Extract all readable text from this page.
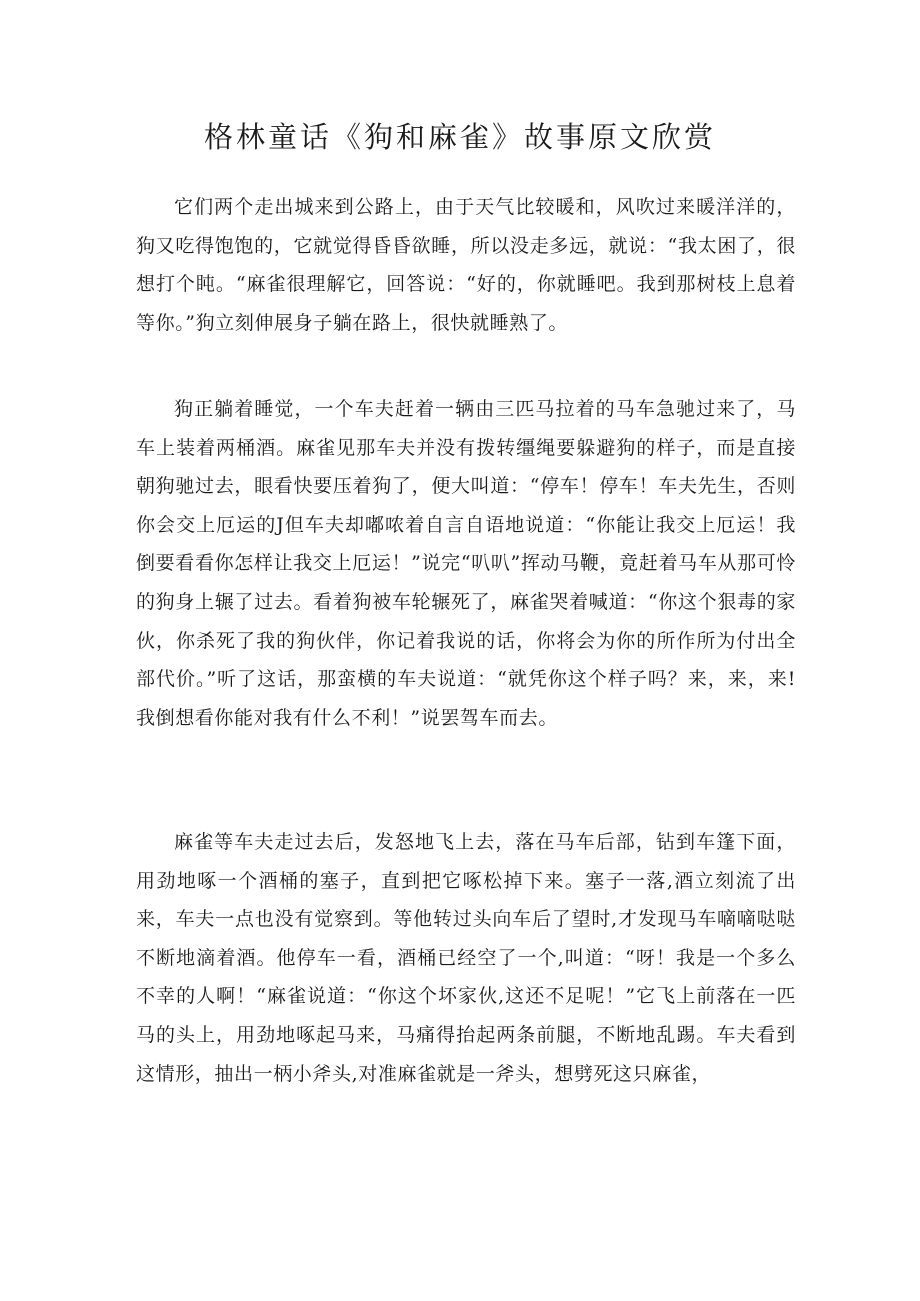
格林童话《狗和麻雀》故事原文欣赏

它们两个走出城来到公路上，由于天气比较暖和，风吹过来暖洋洋的，狗又吃得饱饱的，它就觉得昏昏欲睡，所以没走多远，就说：“我太困了，很想打个盹。“麻雀很理解它，回答说：“好的，你就睡吧。我到那树枝上息着等你。”狗立刻伸展身子躺在路上，很快就睡熟了。

狗正躺着睡觉，一个车夫赶着一辆由三匹马拉着的马车急驰过来了，马车上装着两桶酒。麻雀见那车夫并没有拨转缰绳要躲避狗的样子，而是直接朝狗驰过去，眼看快要压着狗了，便大叫道：“停车！停车！车夫先生，否则你会交上厄运的J但车夫却嘟哝着自言自语地说道：“你能让我交上厄运！我倒要看看你怎样让我交上厄运！”说完“叭叭”挥动马鞭，竟赶着马车从那可怜的狗身上辗了过去。看着狗被车轮辗死了，麻雀哭着喊道：“你这个狠毒的家伙，你杀死了我的狗伙伴，你记着我说的话，你将会为你的所作所为付出全部代价。”听了这话，那蛮横的车夫说道：“就凭你这个样子吗？来，来，来!我倒想看你能对我有什么不利！”说罢驾车而去。

麻雀等车夫走过去后，发怒地飞上去，落在马车后部，钻到车篷下面，用劲地啄一个酒桶的塞子，直到把它啄松掉下来。塞子一落,酒立刻流了出来，车夫一点也没有觉察到。等他转过头向车后了望时,才发现马车嘀嘀哒哒不断地滴着酒。他停车一看，酒桶已经空了一个,叫道：“呀！我是一个多么不幸的人啊！“麻雀说道：“你这个坏家伙,这还不足呢！”它飞上前落在一匹马的头上，用劲地啄起马来，马痛得抬起两条前腿，不断地乱踢。车夫看到这情形，抽出一柄小斧头,对准麻雀就是一斧头，想劈死这只麻雀，
